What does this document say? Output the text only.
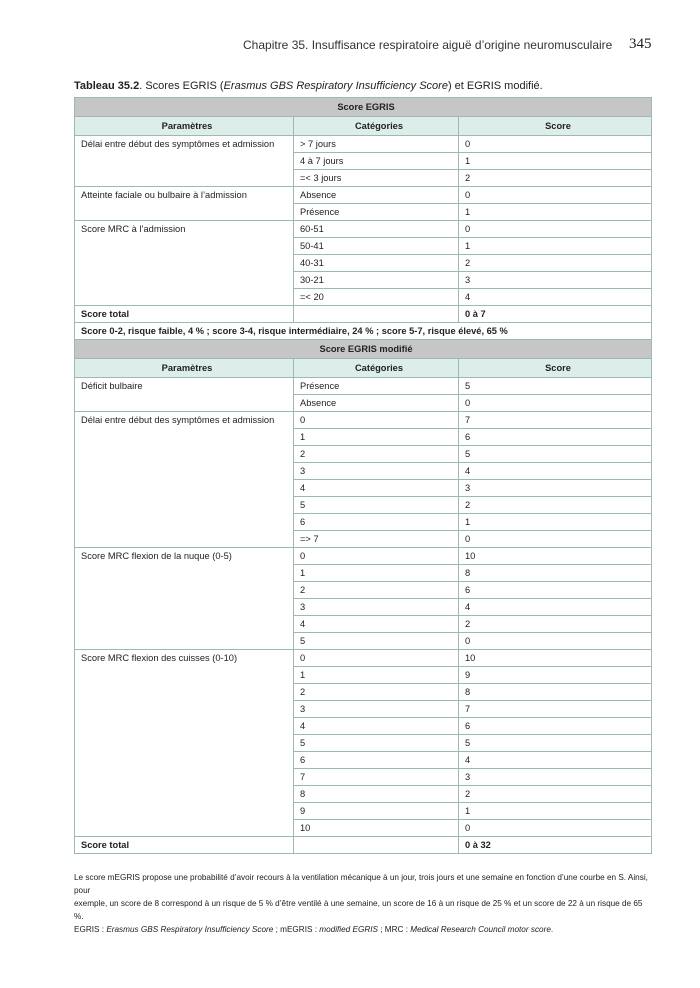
Chapitre 35. Insuffisance respiratoire aiguë d’origine neuromusculaire 345
Tableau 35.2. Scores EGRIS (Erasmus GBS Respiratory Insufficiency Score) et EGRIS modifié.
Score EGRIS		
Paramètres	Catégories	Score
Délai entre début des symptômes et admission	> 7 jours	0
	4 à 7 jours	1
	=< 3 jours	2
Atteinte faciale ou bulbaire à l’admission	Absence	0
	Présence	1
Score MRC à l’admission	60-51	0
	50-41	1
	40-31	2
	30-21	3
	=< 20	4
Score total		0 à 7
Score 0-2, risque faible, 4 % ; score 3-4, risque intermédiaire, 24 % ; score 5-7, risque élevé, 65 %		
Score EGRIS modifié		
Paramètres	Catégories	Score
Déficit bulbaire	Présence	5
	Absence	0
Délai entre début des symptômes et admission	0	7
	1	6
	2	5
	3	4
	4	3
	5	2
	6	1
	=> 7	0
Score MRC flexion de la nuque (0-5)	0	10
	1	8
	2	6
	3	4
	4	2
	5	0
Score MRC flexion des cuisses (0-10)	0	10
	1	9
	2	8
	3	7
	4	6
	5	5
	6	4
	7	3
	8	2
	9	1
	10	0
Score total		0 à 32
Le score mEGRIS propose une probabilité d’avoir recours à la ventilation mécanique à un jour, trois jours et une semaine en fonction d’une courbe en S. Ainsi, pour
exemple, un score de 8 correspond à un risque de 5 % d’être ventilé à une semaine, un score de 16 à un risque de 25 % et un score de 22 à un risque de 65 %.
EGRIS : Erasmus GBS Respiratory Insufficiency Score ; mEGRIS : modified EGRIS ; MRC : Medical Research Council motor score.
